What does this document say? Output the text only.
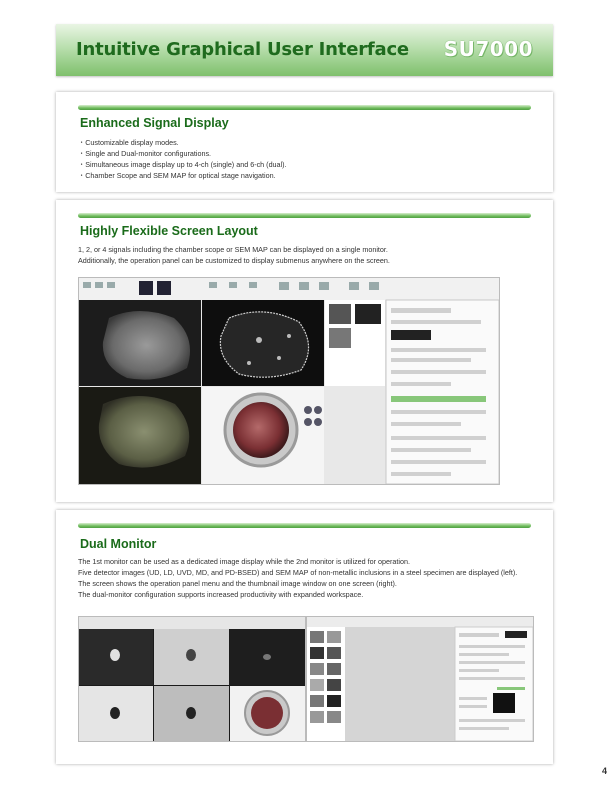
Intuitive Graphical User Interface SU7000
Enhanced Signal Display
・Customizable display modes.
・Single and Dual-monitor configurations.
・Simultaneous image display up to 4-ch (single) and 6-ch (dual).
・Chamber Scope and SEM MAP for optical stage navigation.
Highly Flexible Screen Layout
1, 2, or 4 signals including the chamber scope or SEM MAP can be displayed on a single monitor.
Additionally, the operation panel can be customized to display submenus anywhere on the screen.
Dual Monitor
The 1st monitor can be used as a dedicated image display while the 2nd monitor is utilized for operation.
Five detector images (UD, LD, UVD, MD, and PD-BSED) and SEM MAP of non-metallic inclusions in a steel specimen are displayed (left).
The screen shows the operation panel menu and the thumbnail image window on one screen (right).
The dual-monitor configuration supports increased productivity with expanded workspace.
4
